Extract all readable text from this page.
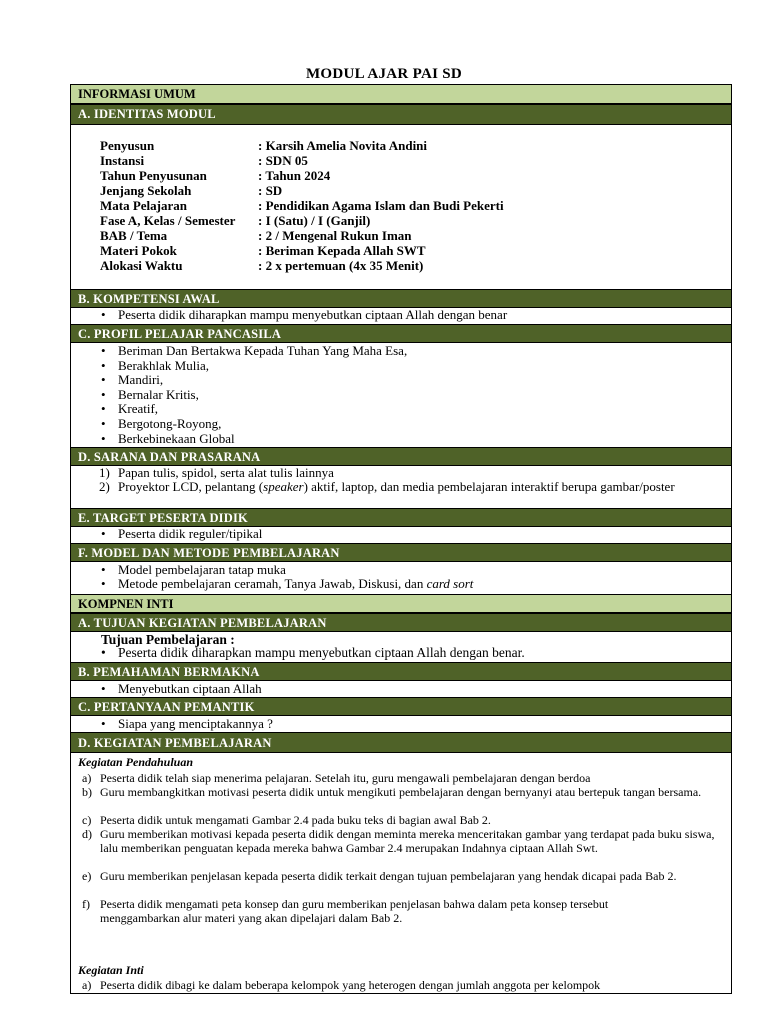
MODUL AJAR PAI SD
INFORMASI UMUM
A. IDENTITAS MODUL
Penyusun	: Karsih Amelia Novita Andini
Instansi	: SDN 05
Tahun Penyusunan	: Tahun 2024
Jenjang Sekolah	: SD
Mata Pelajaran	: Pendidikan Agama Islam dan Budi Pekerti
Fase A, Kelas / Semester : I (Satu) / I (Ganjil)
BAB / Tema	: 2 / Mengenal Rukun Iman
Materi Pokok	: Beriman Kepada Allah SWT
Alokasi Waktu	: 2 x pertemuan (4x 35 Menit)
B. KOMPETENSI AWAL
• Peserta didik diharapkan mampu menyebutkan ciptaan Allah dengan benar
C. PROFIL PELAJAR PANCASILA
• Beriman Dan Bertakwa Kepada Tuhan Yang Maha Esa,
• Berakhlak Mulia,
• Mandiri,
• Bernalar Kritis,
• Kreatif,
• Bergotong-Royong,
• Berkebinekaan Global
D. SARANA DAN PRASARANA
1) Papan tulis, spidol, serta alat tulis lainnya
2) Proyektor LCD, pelantang (speaker) aktif, laptop, dan media pembelajaran interaktif berupa gambar/poster
E. TARGET PESERTA DIDIK
• Peserta didik reguler/tipikal
F. MODEL DAN METODE PEMBELAJARAN
• Model pembelajaran tatap muka
• Metode pembelajaran ceramah, Tanya Jawab, Diskusi, dan card sort
KOMPNEN INTI
A. TUJUAN KEGIATAN PEMBELAJARAN
Tujuan Pembelajaran :
• Peserta didik diharapkan mampu menyebutkan ciptaan Allah dengan benar.
B. PEMAHAMAN BERMAKNA
• Menyebutkan ciptaan Allah
C. PERTANYAAN PEMANTIK
• Siapa yang menciptakannya ?
D. KEGIATAN PEMBELAJARAN
Kegiatan Pendahuluan
a) Peserta didik telah siap menerima pelajaran. Setelah itu, guru mengawali pembelajaran dengan berdoa
b) Guru membangkitkan motivasi peserta didik untuk mengikuti pembelajaran dengan bernyanyi atau bertepuk tangan bersama.
c) Peserta didik untuk mengamati Gambar 2.4 pada buku teks di bagian awal Bab 2.
d) Guru memberikan motivasi kepada peserta didik dengan meminta mereka menceritakan gambar yang terdapat pada buku siswa, lalu memberikan penguatan kepada mereka bahwa Gambar 2.4 merupakan Indahnya ciptaan Allah Swt.
e) Guru memberikan penjelasan kepada peserta didik terkait dengan tujuan pembelajaran yang hendak dicapai pada Bab 2.
f) Peserta didik mengamati peta konsep dan guru memberikan penjelasan bahwa dalam peta konsep tersebut menggambarkan alur materi yang akan dipelajari dalam Bab 2.
Kegiatan Inti
a) Peserta didik dibagi ke dalam beberapa kelompok yang heterogen dengan jumlah anggota per kelompok
